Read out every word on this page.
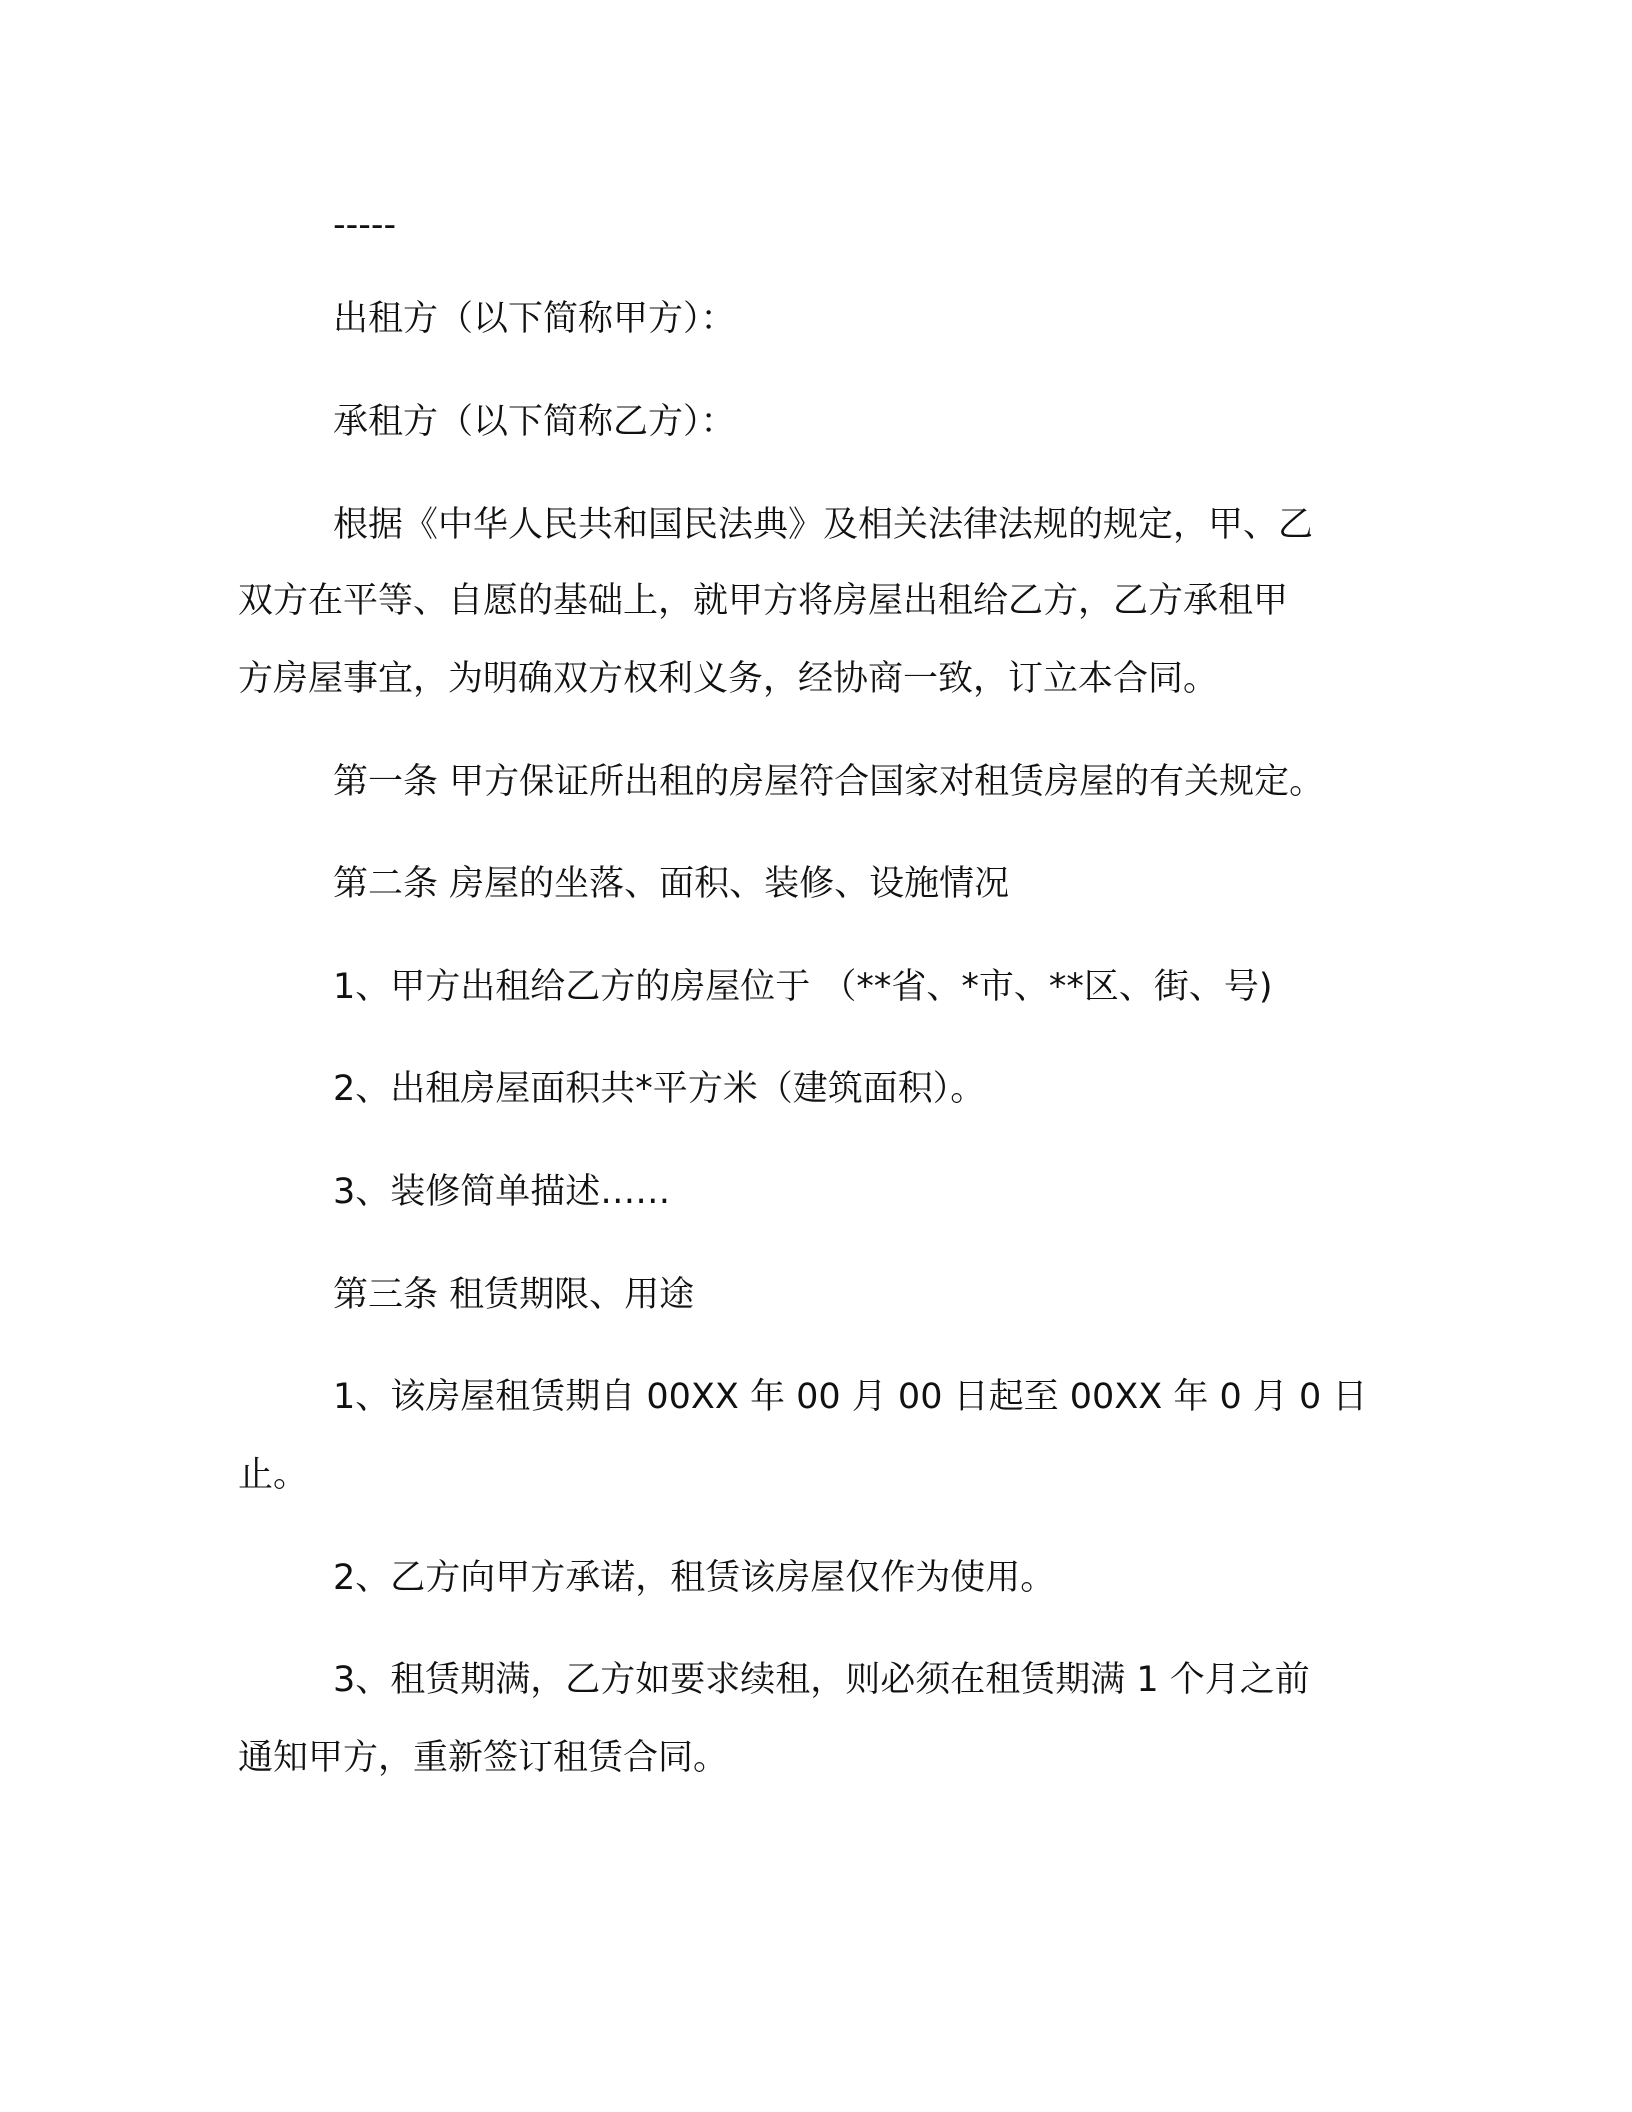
-----
出租方（以下简称甲方）：
承租方（以下简称乙方）：
根据《中华人民共和国民法典》及相关法律法规的规定，甲、乙
双方在平等、自愿的基础上，就甲方将房屋出租给乙方，乙方承租甲
方房屋事宜，为明确双方权利义务，经协商一致，订立本合同。
第一条 甲方保证所出租的房屋符合国家对租赁房屋的有关规定。
第二条 房屋的坐落、面积、装修、设施情况
1、甲方出租给乙方的房屋位于 （**省、*市、**区、街、号)
2、出租房屋面积共*平方米（建筑面积）。
3、装修简单描述……
第三条 租赁期限、用途
1、该房屋租赁期自 00XX 年 00 月 00 日起至 00XX 年 0 月 0 日
止。
2、乙方向甲方承诺，租赁该房屋仅作为使用。
3、租赁期满，乙方如要求续租，则必须在租赁期满 1 个月之前
通知甲方，重新签订租赁合同。
